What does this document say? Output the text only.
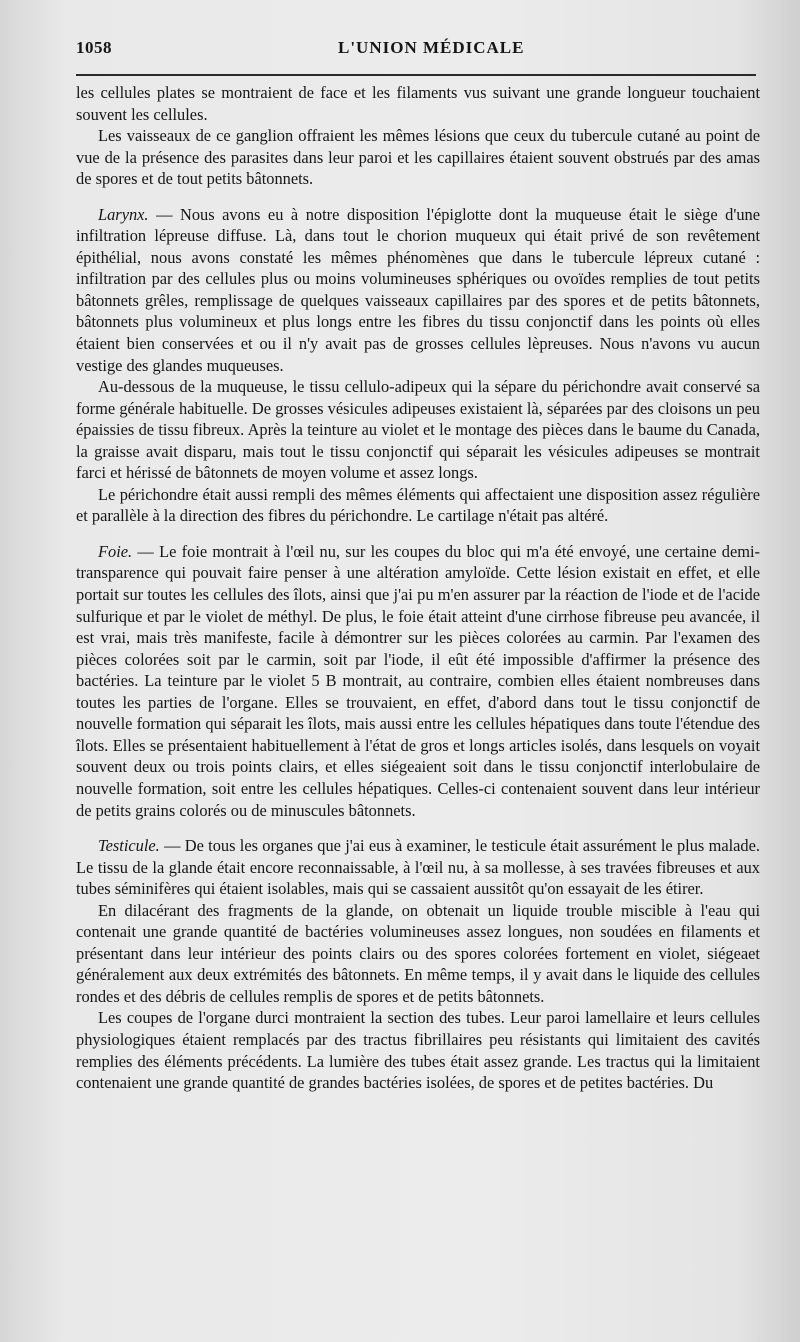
1058	L'UNION MÉDICALE

les cellules plates se montraient de face et les filaments vus suivant une grande longueur touchaient souvent les cellules.

Les vaisseaux de ce ganglion offraient les mêmes lésions que ceux du tubercule cutané au point de vue de la présence des parasites dans leur paroi et les capillaires étaient souvent obstrués par des amas de spores et de tout petits bâtonnets.

Larynx. — Nous avons eu à notre disposition l'épiglotte dont la muqueuse était le siège d'une infiltration lépreuse diffuse. Là, dans tout le chorion muqueux qui était privé de son revêtement épithélial, nous avons constaté les mêmes phénomènes que dans le tubercule lépreux cutané : infiltration par des cellules plus ou moins volumineuses sphériques ou ovoïdes remplies de tout petits bâtonnets grêles, remplissage de quelques vaisseaux capillaires par des spores et de petits bâtonnets, bâtonnets plus volumineux et plus longs entre les fibres du tissu conjonctif dans les points où elles étaient bien conservées et ou il n'y avait pas de grosses cellules lèpreuses. Nous n'avons vu aucun vestige des glandes muqueuses.

Au-dessous de la muqueuse, le tissu cellulo-adipeux qui la sépare du périchondre avait conservé sa forme générale habituelle. De grosses vésicules adipeuses existaient là, séparées par des cloisons un peu épaissies de tissu fibreux. Après la teinture au violet et le montage des pièces dans le baume du Canada, la graisse avait disparu, mais tout le tissu conjonctif qui séparait les vésicules adipeuses se montrait farci et hérissé de bâtonnets de moyen volume et assez longs.

Le périchondre était aussi rempli des mêmes éléments qui affectaient une disposition assez régulière et parallèle à la direction des fibres du périchondre. Le cartilage n'était pas altéré.

Foie. — Le foie montrait à l'œil nu, sur les coupes du bloc qui m'a été envoyé, une certaine demi-transparence qui pouvait faire penser à une altération amyloïde. Cette lésion existait en effet, et elle portait sur toutes les cellules des îlots, ainsi que j'ai pu m'en assurer par la réaction de l'iode et de l'acide sulfurique et par le violet de méthyl. De plus, le foie était atteint d'une cirrhose fibreuse peu avancée, il est vrai, mais très manifeste, facile à démontrer sur les pièces colorées au carmin. Par l'examen des pièces colorées soit par le carmin, soit par l'iode, il eût été impossible d'affirmer la présence des bactéries. La teinture par le violet 5 B montrait, au contraire, combien elles étaient nombreuses dans toutes les parties de l'organe. Elles se trouvaient, en effet, d'abord dans tout le tissu conjonctif de nouvelle formation qui séparait les îlots, mais aussi entre les cellules hépatiques dans toute l'étendue des îlots. Elles se présentaient habituellement à l'état de gros et longs articles isolés, dans lesquels on voyait souvent deux ou trois points clairs, et elles siégeaient soit dans le tissu conjonctif interlobulaire de nouvelle formation, soit entre les cellules hépatiques. Celles-ci contenaient souvent dans leur intérieur de petits grains colorés ou de minuscules bâtonnets.

Testicule. — De tous les organes que j'ai eus à examiner, le testicule était assurément le plus malade. Le tissu de la glande était encore reconnaissable, à l'œil nu, à sa mollesse, à ses travées fibreuses et aux tubes séminifères qui étaient isolables, mais qui se cassaient aussitôt qu'on essayait de les étirer.

En dilacérant des fragments de la glande, on obtenait un liquide trouble miscible à l'eau qui contenait une grande quantité de bactéries volumineuses assez longues, non soudées en filaments et présentant dans leur intérieur des points clairs ou des spores colorées fortement en violet, siégeaet généralement aux deux extrémités des bâtonnets. En même temps, il y avait dans le liquide des cellules rondes et des débris de cellules remplis de spores et de petits bâtonnets.

Les coupes de l'organe durci montraient la section des tubes. Leur paroi lamellaire et leurs cellules physiologiques étaient remplacés par des tractus fibrillaires peu résistants qui limitaient des cavités remplies des éléments précédents. La lumière des tubes était assez grande. Les tractus qui la limitaient contenaient une grande quantité de grandes bactéries isolées, de spores et de petites bactéries. Du
